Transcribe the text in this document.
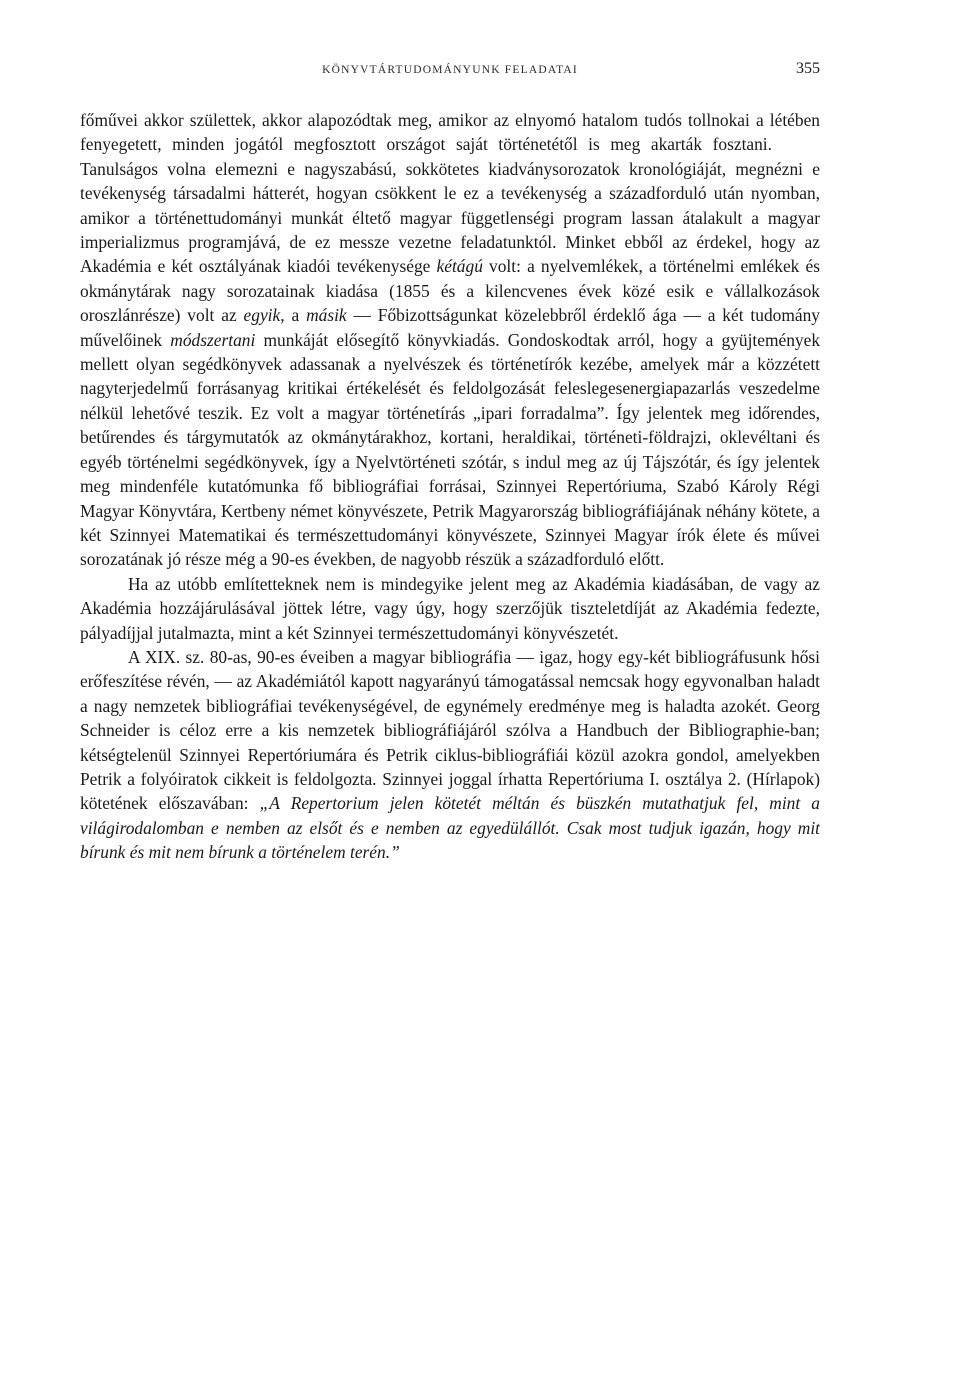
KÖNYVTÁRTUDOMÁNYUNK FELADATAI	355

főművei akkor születtek, akkor alapozódtak meg, amikor az elnyomó hatalom tudós tollnokai a létében fenyegetett, minden jogától megfosztott országot saját történetétől is meg akarták fosztani.Tanulságos volna elemezni e nagyszabású, sokkötetes kiadványsorozatok kronológiáját, megnézni e tevékenység társadalmi hátterét, hogyan csökkent le ez a tevékenység a századforduló után nyomban, amikor a történettudományi munkát éltető magyar függetlenségi program lassan átalakult a magyar imperializmus programjává, de ez messze vezetne feladatunktól. Minket ebből az érdekel, hogy az Akadémia e két osztályának kiadói tevékenysége kétágú volt: a nyelvemlékek, a történelmi emlékek és okmánytárak nagy sorozatainak kiadása (1855 és a kilencvenes évek közé esik e vállalkozások oroszlánrésze) volt az egyik, a másik — Főbizottságunkat közelebbről érdeklő ága — a két tudomány művelőinek módszertani munkáját elősegítő könyvkiadás. Gondoskodtak arról, hogy a gyüjtemények mellett olyan segédkönyvek adassanak a nyelvészek és történetírók kezébe, amelyek már a közzétett nagyterjedelmű forrásanyag kritikai értékelését és feldolgozását feleslegesenergiapazarlás veszedelme nélkül lehetővé teszik. Ez volt a magyar történetírás „ipari forradalma”. Így jelentek meg időrendes, betűrendes és tárgymutatók az okmánytárakhoz, kortani, heraldikai, történeti-földrajzi, oklevéltani és egyéb történelmi segédkönyvek, így a Nyelvtörténeti szótár, s indul meg az új Tájszótár, és így jelentek meg mindenféle kutatómunka fő bibliográfiai forrásai, Szinnyei Repertóriuma, Szabó Károly Régi Magyar Könyvtára, Kertbeny német könyvészete, Petrik Magyarország bibliográfiájának néhány kötete, a két Szinnyei Matematikai és természettudományi könyvészete, Szinnyei Magyar írók élete és művei sorozatának jó része még a 90-es években, de nagyobb részük a századforduló előtt.

Ha az utóbb említetteknek nem is mindegyike jelent meg az Akadémia kiadásában, de vagy az Akadémia hozzájárulásával jöttek létre, vagy úgy, hogy szerzőjük tiszteletdíját az Akadémia fedezte, pályadíjjal jutalmazta, mint a két Szinnyei természettudományi könyvészetét.

A XIX. sz. 80-as, 90-es éveiben a magyar bibliográfia — igaz, hogy egy-két bibliográfusunk hősi erőfeszítése révén, — az Akadémiától kapott nagyarányú támogatással nemcsak hogy egyvonalban haladt a nagy nemzetek bibliográfiai tevékenységével, de egynémely eredménye meg is haladta azokét. Georg Schneider is céloz erre a kis nemzetek bibliográfiájáról szólva a Handbuch der Bibliographie-ban; kétségtelenül Szinnyei Repertóriumára és Petrik ciklus-bibliográfiái közül azokra gondol, amelyekben Petrik a folyóiratok cikkeit is feldolgozta. Szinnyei joggal írhatta Repertóriuma I. osztálya 2. (Hírlapok) kötetének előszavában: „A Repertorium jelen kötetét méltán és büszkén mutathatjuk fel, mint a világirodalomban e nemben az elsőt és e nemben az egyedülállót. Csak most tudjuk igazán, hogy mit bírunk és mit nem bírunk a történelem terén.”
